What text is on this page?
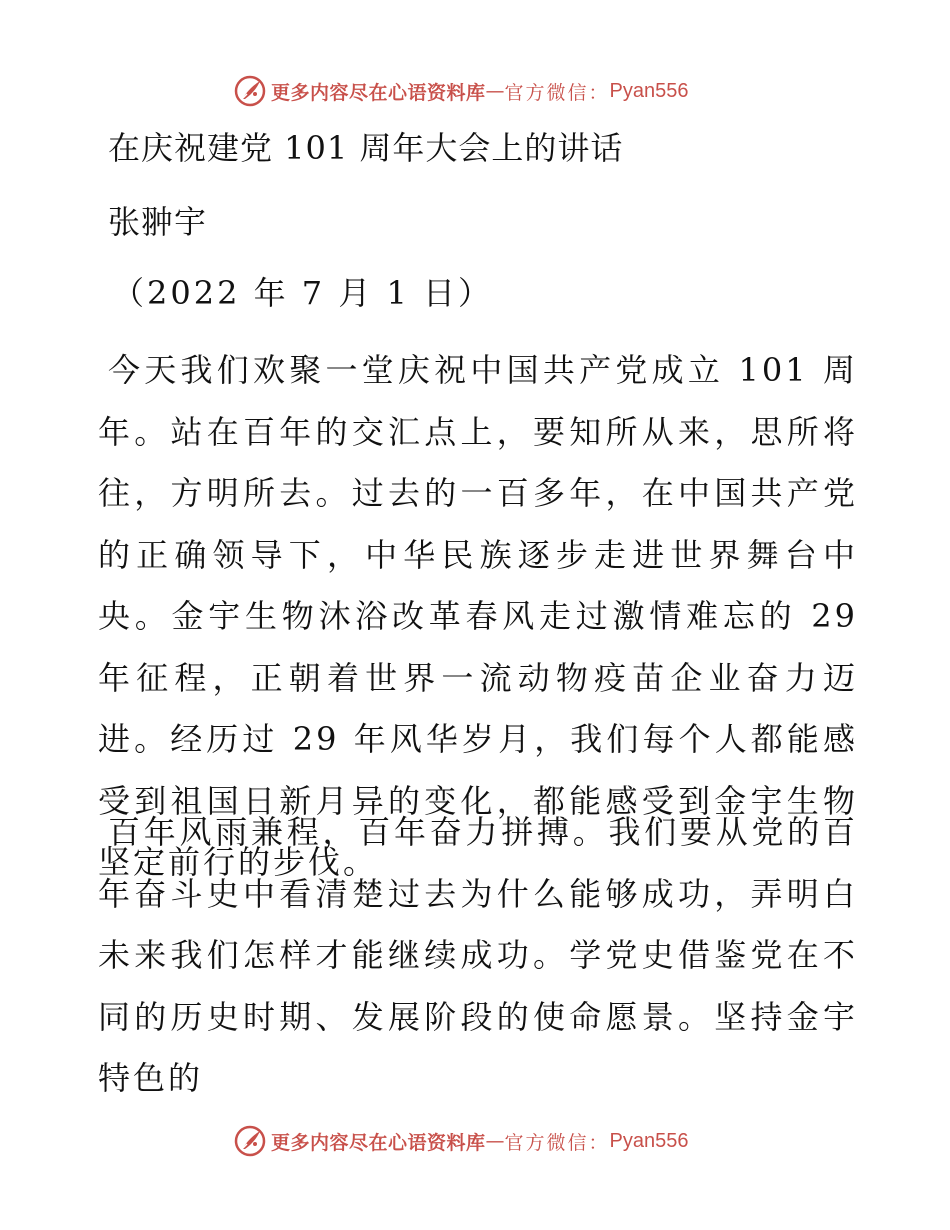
更多内容尽在心语资料库 — 官方微信： Pyan556
在庆祝建党 101 周年大会上的讲话
张翀宇
（2022 年 7 月 1 日）

今天我们欢聚一堂庆祝中国共产党成立 101 周年。站在百年的交汇点上，要知所从来，思所将往，方明所去。过去的一百多年，在中国共产党的正确领导下，中华民族逐步走进世界舞台中央。金宇生物沐浴改革春风走过激情难忘的 29 年征程，正朝着世界一流动物疫苗企业奋力迈进。经历过 29 年风华岁月，我们每个人都能感受到祖国日新月异的变化，都能感受到金宇生物坚定前行的步伐。

百年风雨兼程，百年奋力拼搏。我们要从党的百年奋斗史中看清楚过去为什么能够成功，弄明白未来我们怎样才能继续成功。学党史借鉴党在不同的历史时期、发展阶段的使命愿景。坚持金宇特色的

更多内容尽在心语资料库 — 官方微信： Pyan556
